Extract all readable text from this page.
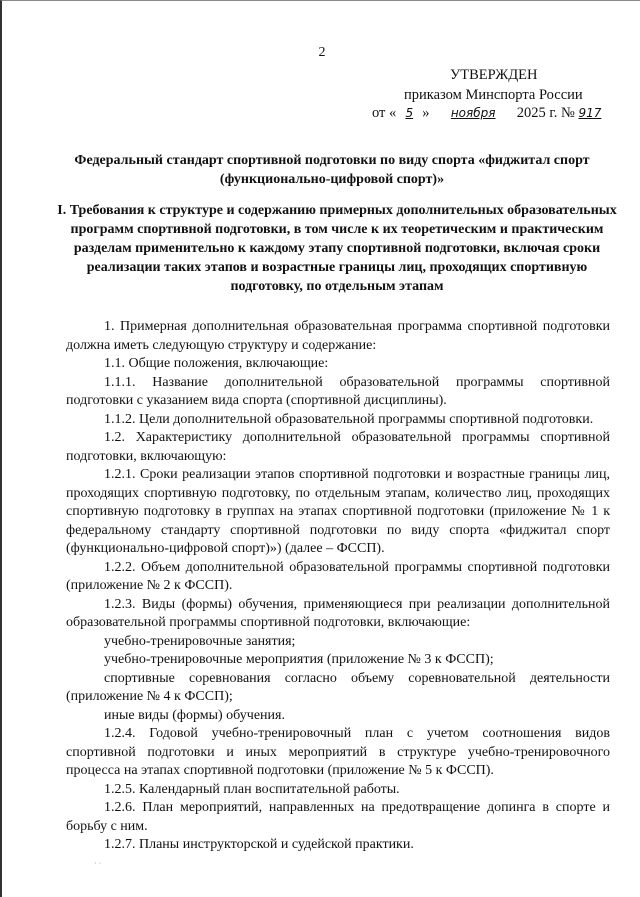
2
УТВЕРЖДЕН
приказом Минспорта России
от « 5 » ноября 2025 г. № 917
Федеральный стандарт спортивной подготовки по виду спорта «фиджитал спорт (функционально-цифровой спорт)»
I. Требования к структуре и содержанию примерных дополнительных образовательных программ спортивной подготовки, в том числе к их теоретическим и практическим разделам применительно к каждому этапу спортивной подготовки, включая сроки реализации таких этапов и возрастные границы лиц, проходящих спортивную подготовку, по отдельным этапам

1. Примерная дополнительная образовательная программа спортивной подготовки должна иметь следующую структуру и содержание:

1.1. Общие положения, включающие:

1.1.1. Название дополнительной образовательной программы спортивной подготовки с указанием вида спорта (спортивной дисциплины).

1.1.2. Цели дополнительной образовательной программы спортивной подготовки.

1.2. Характеристику дополнительной образовательной программы спортивной подготовки, включающую:

1.2.1. Сроки реализации этапов спортивной подготовки и возрастные границы лиц, проходящих спортивную подготовку, по отдельным этапам, количество лиц, проходящих спортивную подготовку в группах на этапах спортивной подготовки (приложение № 1 к федеральному стандарту спортивной подготовки по виду спорта «фиджитал спорт (функционально-цифровой спорт)») (далее – ФССП).

1.2.2. Объем дополнительной образовательной программы спортивной подготовки (приложение № 2 к ФССП).

1.2.3. Виды (формы) обучения, применяющиеся при реализации дополнительной образовательной программы спортивной подготовки, включающие:

учебно-тренировочные занятия;

учебно-тренировочные мероприятия (приложение № 3 к ФССП);

спортивные соревнования согласно объему соревновательной деятельности (приложение № 4 к ФССП);

иные виды (формы) обучения.

1.2.4. Годовой учебно-тренировочный план с учетом соотношения видов спортивной подготовки и иных мероприятий в структуре учебно-тренировочного процесса на этапах спортивной подготовки (приложение № 5 к ФССП).

1.2.5. Календарный план воспитательной работы.

1.2.6. План мероприятий, направленных на предотвращение допинга в спорте и борьбу с ним.

1.2.7. Планы инструкторской и судейской практики.

· ·
